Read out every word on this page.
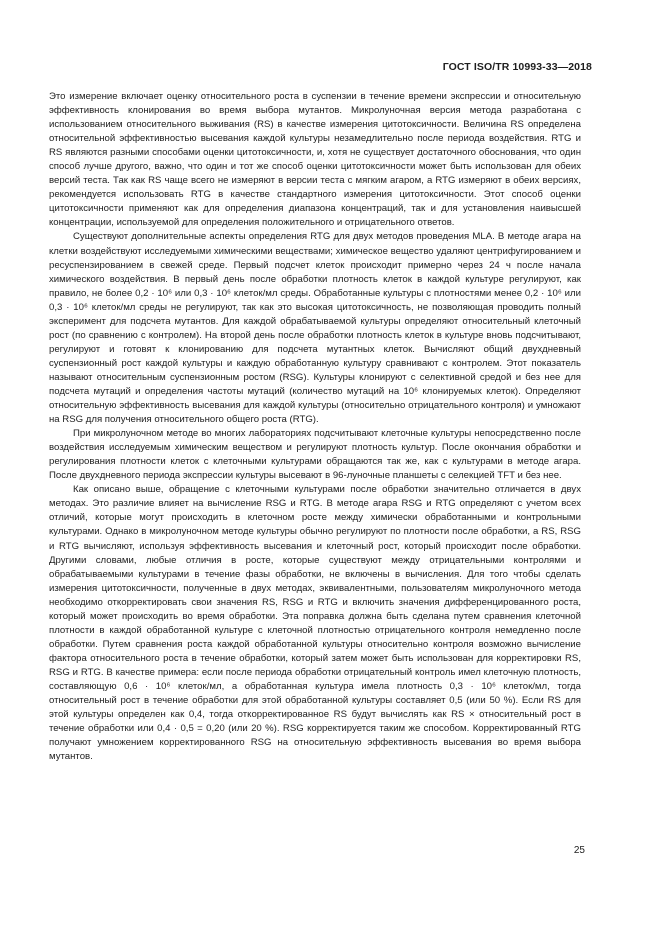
ГОСТ ISO/TR 10993-33—2018

Это измерение включает оценку относительного роста в суспензии в течение времени экспрессии и относительную эффективность клонирования во время выбора мутантов. Микролуночная версия метода разработана с использованием относительного выживания (RS) в качестве измерения цитотоксичности. Величина RS определена относительной эффективностью высевания каждой культуры незамедлительно после периода воздействия. RTG и RS являются разными способами оценки цитотоксичности, и, хотя не существует достаточного обоснования, что один способ лучше другого, важно, что один и тот же способ оценки цитотоксичности может быть использован для обеих версий теста. Так как RS чаще всего не измеряют в версии теста с мягким агаром, а RTG измеряют в обеих версиях, рекомендуется использовать RTG в качестве стандартного измерения цитотоксичности. Этот способ оценки цитотоксичности применяют как для определения диапазона концентраций, так и для установления наивысшей концентрации, используемой для определения положительного и отрицательного ответов.

Существуют дополнительные аспекты определения RTG для двух методов проведения MLA. В методе агара на клетки воздействуют исследуемыми химическими веществами; химическое вещество удаляют центрифугированием и ресуспензированием в свежей среде. Первый подсчет клеток происходит примерно через 24 ч после начала химического воздействия. В первый день после обработки плотность клеток в каждой культуре регулируют, как правило, не более 0,2 · 10⁶ или 0,3 · 10⁶ клеток/мл среды. Обработанные культуры с плотностями менее 0,2 · 10⁶ или 0,3 · 10⁶ клеток/мл среды не регулируют, так как это высокая цитотоксичность, не позволяющая проводить полный эксперимент для подсчета мутантов. Для каждой обрабатываемой культуры определяют относительный клеточный рост (по сравнению с контролем). На второй день после обработки плотность клеток в культуре вновь подсчитывают, регулируют и готовят к клонированию для подсчета мутантных клеток. Вычисляют общий двухдневный суспензионный рост каждой культуры и каждую обработанную культуру сравнивают с контролем. Этот показатель называют относительным суспензионным ростом (RSG). Культуры клонируют с селективной средой и без нее для подсчета мутаций и определения частоты мутаций (количество мутаций на 10⁶ клонируемых клеток). Определяют относительную эффективность высевания для каждой культуры (относительно отрицательного контроля) и умножают на RSG для получения относительного общего роста (RTG).

При микролуночном методе во многих лабораториях подсчитывают клеточные культуры непосредственно после воздействия исследуемым химическим веществом и регулируют плотность культур. После окончания обработки и регулирования плотности клеток с клеточными культурами обращаются так же, как с культурами в методе агара. После двухдневного периода экспрессии культуры высевают в 96-луночные планшеты с селекцией TFT и без нее.

Как описано выше, обращение с клеточными культурами после обработки значительно отличается в двух методах. Это различие влияет на вычисление RSG и RTG. В методе агара RSG и RTG определяют с учетом всех отличий, которые могут происходить в клеточном росте между химически обработанными и контрольными культурами. Однако в микролуночном методе культуры обычно регулируют по плотности после обработки, а RS, RSG и RTG вычисляют, используя эффективность высевания и клеточный рост, который происходит после обработки. Другими словами, любые отличия в росте, которые существуют между отрицательными контролями и обрабатываемыми культурами в течение фазы обработки, не включены в вычисления. Для того чтобы сделать измерения цитотоксичности, полученные в двух методах, эквивалентными, пользователям микролуночного метода необходимо откорректировать свои значения RS, RSG и RTG и включить значения дифференцированного роста, который может происходить во время обработки. Эта поправка должна быть сделана путем сравнения клеточной плотности в каждой обработанной культуре с клеточной плотностью отрицательного контроля немедленно после обработки. Путем сравнения роста каждой обработанной культуры относительно контроля возможно вычисление фактора относительного роста в течение обработки, который затем может быть использован для корректировки RS, RSG и RTG. В качестве примера: если после периода обработки отрицательный контроль имел клеточную плотность, составляющую 0,6 · 10⁶ клеток/мл, а обработанная культура имела плотность 0,3 · 10⁶ клеток/мл, тогда относительный рост в течение обработки для этой обработанной культуры составляет 0,5 (или 50 %). Если RS для этой культуры определен как 0,4, тогда откорректированное RS будут вычислять как RS × относительный рост в течение обработки или 0,4 · 0,5 = 0,20 (или 20 %). RSG корректируется таким же способом. Корректированный RTG получают умножением корректированного RSG на относительную эффективность высевания во время выбора мутантов.

25
